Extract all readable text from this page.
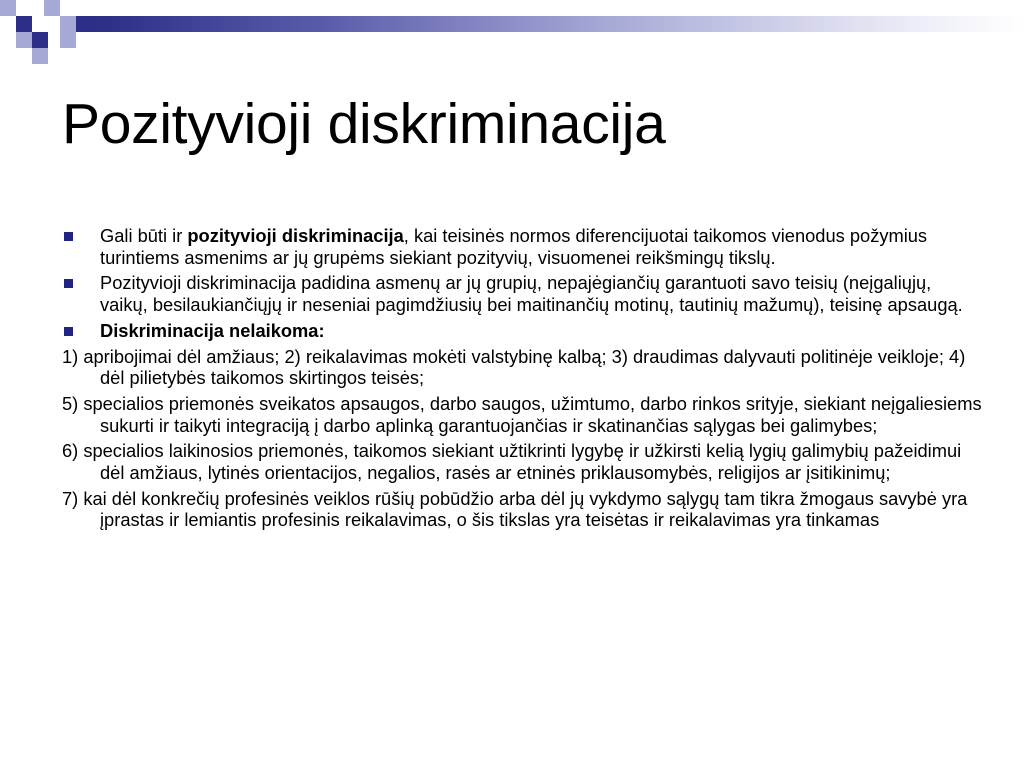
Pozityvioji diskriminacija

Gali būti ir pozityvioji diskriminacija, kai teisinės normos diferencijuotai taikomos vienodus požymius turintiems asmenims ar jų grupėms siekiant pozityvių, visuomenei reikšmingų tikslų.

Pozityvioji diskriminacija padidina asmenų ar jų grupių, nepajėgiančių garantuoti savo teisių (neįgaliųjų, vaikų, besilaukiančiųjų ir neseniai pagimdžiusių bei maitinančių motinų, tautinių mažumų), teisinę apsaugą.

Diskriminacija nelaikoma:

1) apribojimai dėl amžiaus; 2) reikalavimas mokėti valstybinę kalbą; 3) draudimas dalyvauti politinėje veikloje; 4) dėl pilietybės taikomos skirtingos teisės;

5) specialios priemonės sveikatos apsaugos, darbo saugos, užimtumo, darbo rinkos srityje, siekiant neįgaliesiems sukurti ir taikyti integraciją į darbo aplinką garantuojančias ir skatinančias sąlygas bei galimybes;

6) specialios laikinosios priemonės, taikomos siekiant užtikrinti lygybę ir užkirsti kelią lygių galimybių pažeidimui dėl amžiaus, lytinės orientacijos, negalios, rasės ar etninės priklausomybės, religijos ar įsitikinimų;

7) kai dėl konkrečių profesinės veiklos rūšių pobūdžio arba dėl jų vykdymo sąlygų tam tikra žmogaus savybė yra įprastas ir lemiantis profesinis reikalavimas, o šis tikslas yra teisėtas ir reikalavimas yra tinkamas
